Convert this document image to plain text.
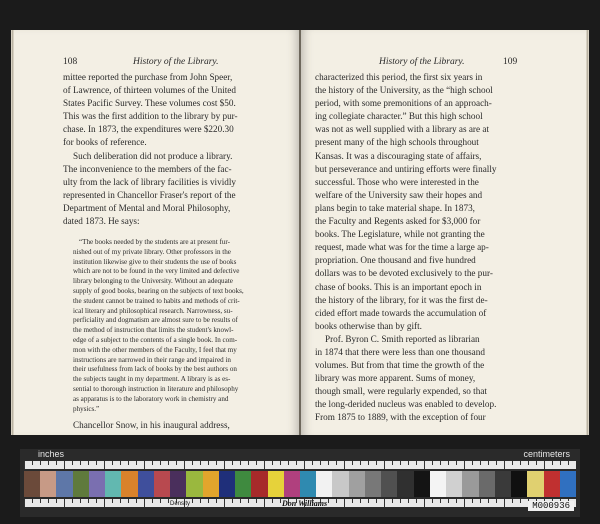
108	History of the Library.	History of the Library.	109
mittee reported the purchase from John Speer,
of Lawrence, of thirteen volumes of the United
States Pacific Survey. These volumes cost $50.
This was the first addition to the library by pur-
chase. In 1873, the expenditures were $220.30
for books of reference.
Such deliberation did not produce a library.
The inconvenience to the members of the fac-
ulty from the lack of library facilities is vividly
represented in Chancellor Fraser's report of the
Department of Mental and Moral Philosophy,
dated 1873. He says:
“The books needed by the students are at present fur-
nished out of my private library. Other professors in the
institution likewise give to their students the use of books
which are not to be found in the very limited and defective
library belonging to the University. Without an adequate
supply of good books, bearing on the subjects of text books,
the student cannot be trained to habits and methods of crit-
ical literary and philosophical research. Narrowness, su-
perficiality and dogmatism are almost sure to be results of
the method of instruction that limits the student's knowl-
edge of a subject to the contents of a single book. In com-
mon with the other members of the Faculty, I feel that my
instructions are narrowed in their range and impaired in
their usefulness from lack of books by the best authors on
the subjects taught in my department. A library is as es-
sential to thorough instruction in literature and philosophy
as apparatus is to the laboratory work in chemistry and
physics.”
Chancellor Snow, in his inaugural address,
characterized this period, the first six years in
the history of the University, as the “high school
period, with some premonitions of an approach-
ing collegiate character.” But this high school
was not as well supplied with a library as are at
present many of the high schools throughout
Kansas. It was a discouraging state of affairs,
but perseverance and untiring efforts were finally
successful. Those who were interested in the
welfare of the University saw their hopes and
plans begin to take material shape. In 1873,
the Faculty and Regents asked for $3,000 for
books. The Legislature, while not granting the
request, made what was for the time a large ap-
propriation. One thousand and five hundred
dollars was to be devoted exclusively to the pur-
chase of books. This is an important epoch in
the history of the library, for it was the first de-
cided effort made towards the accumulation of
books otherwise than by gift.
Prof. Byron C. Smith reported as librarian
in 1874 that there were less than one thousand
volumes. But from that time the growth of the
library was more apparent. Sums of money,
though small, were regularly expended, so that
the long-derided nucleus was enabled to develop.
From 1875 to 1889, with the exception of four
inches	centimeters
Density	Don Williams	M000936
